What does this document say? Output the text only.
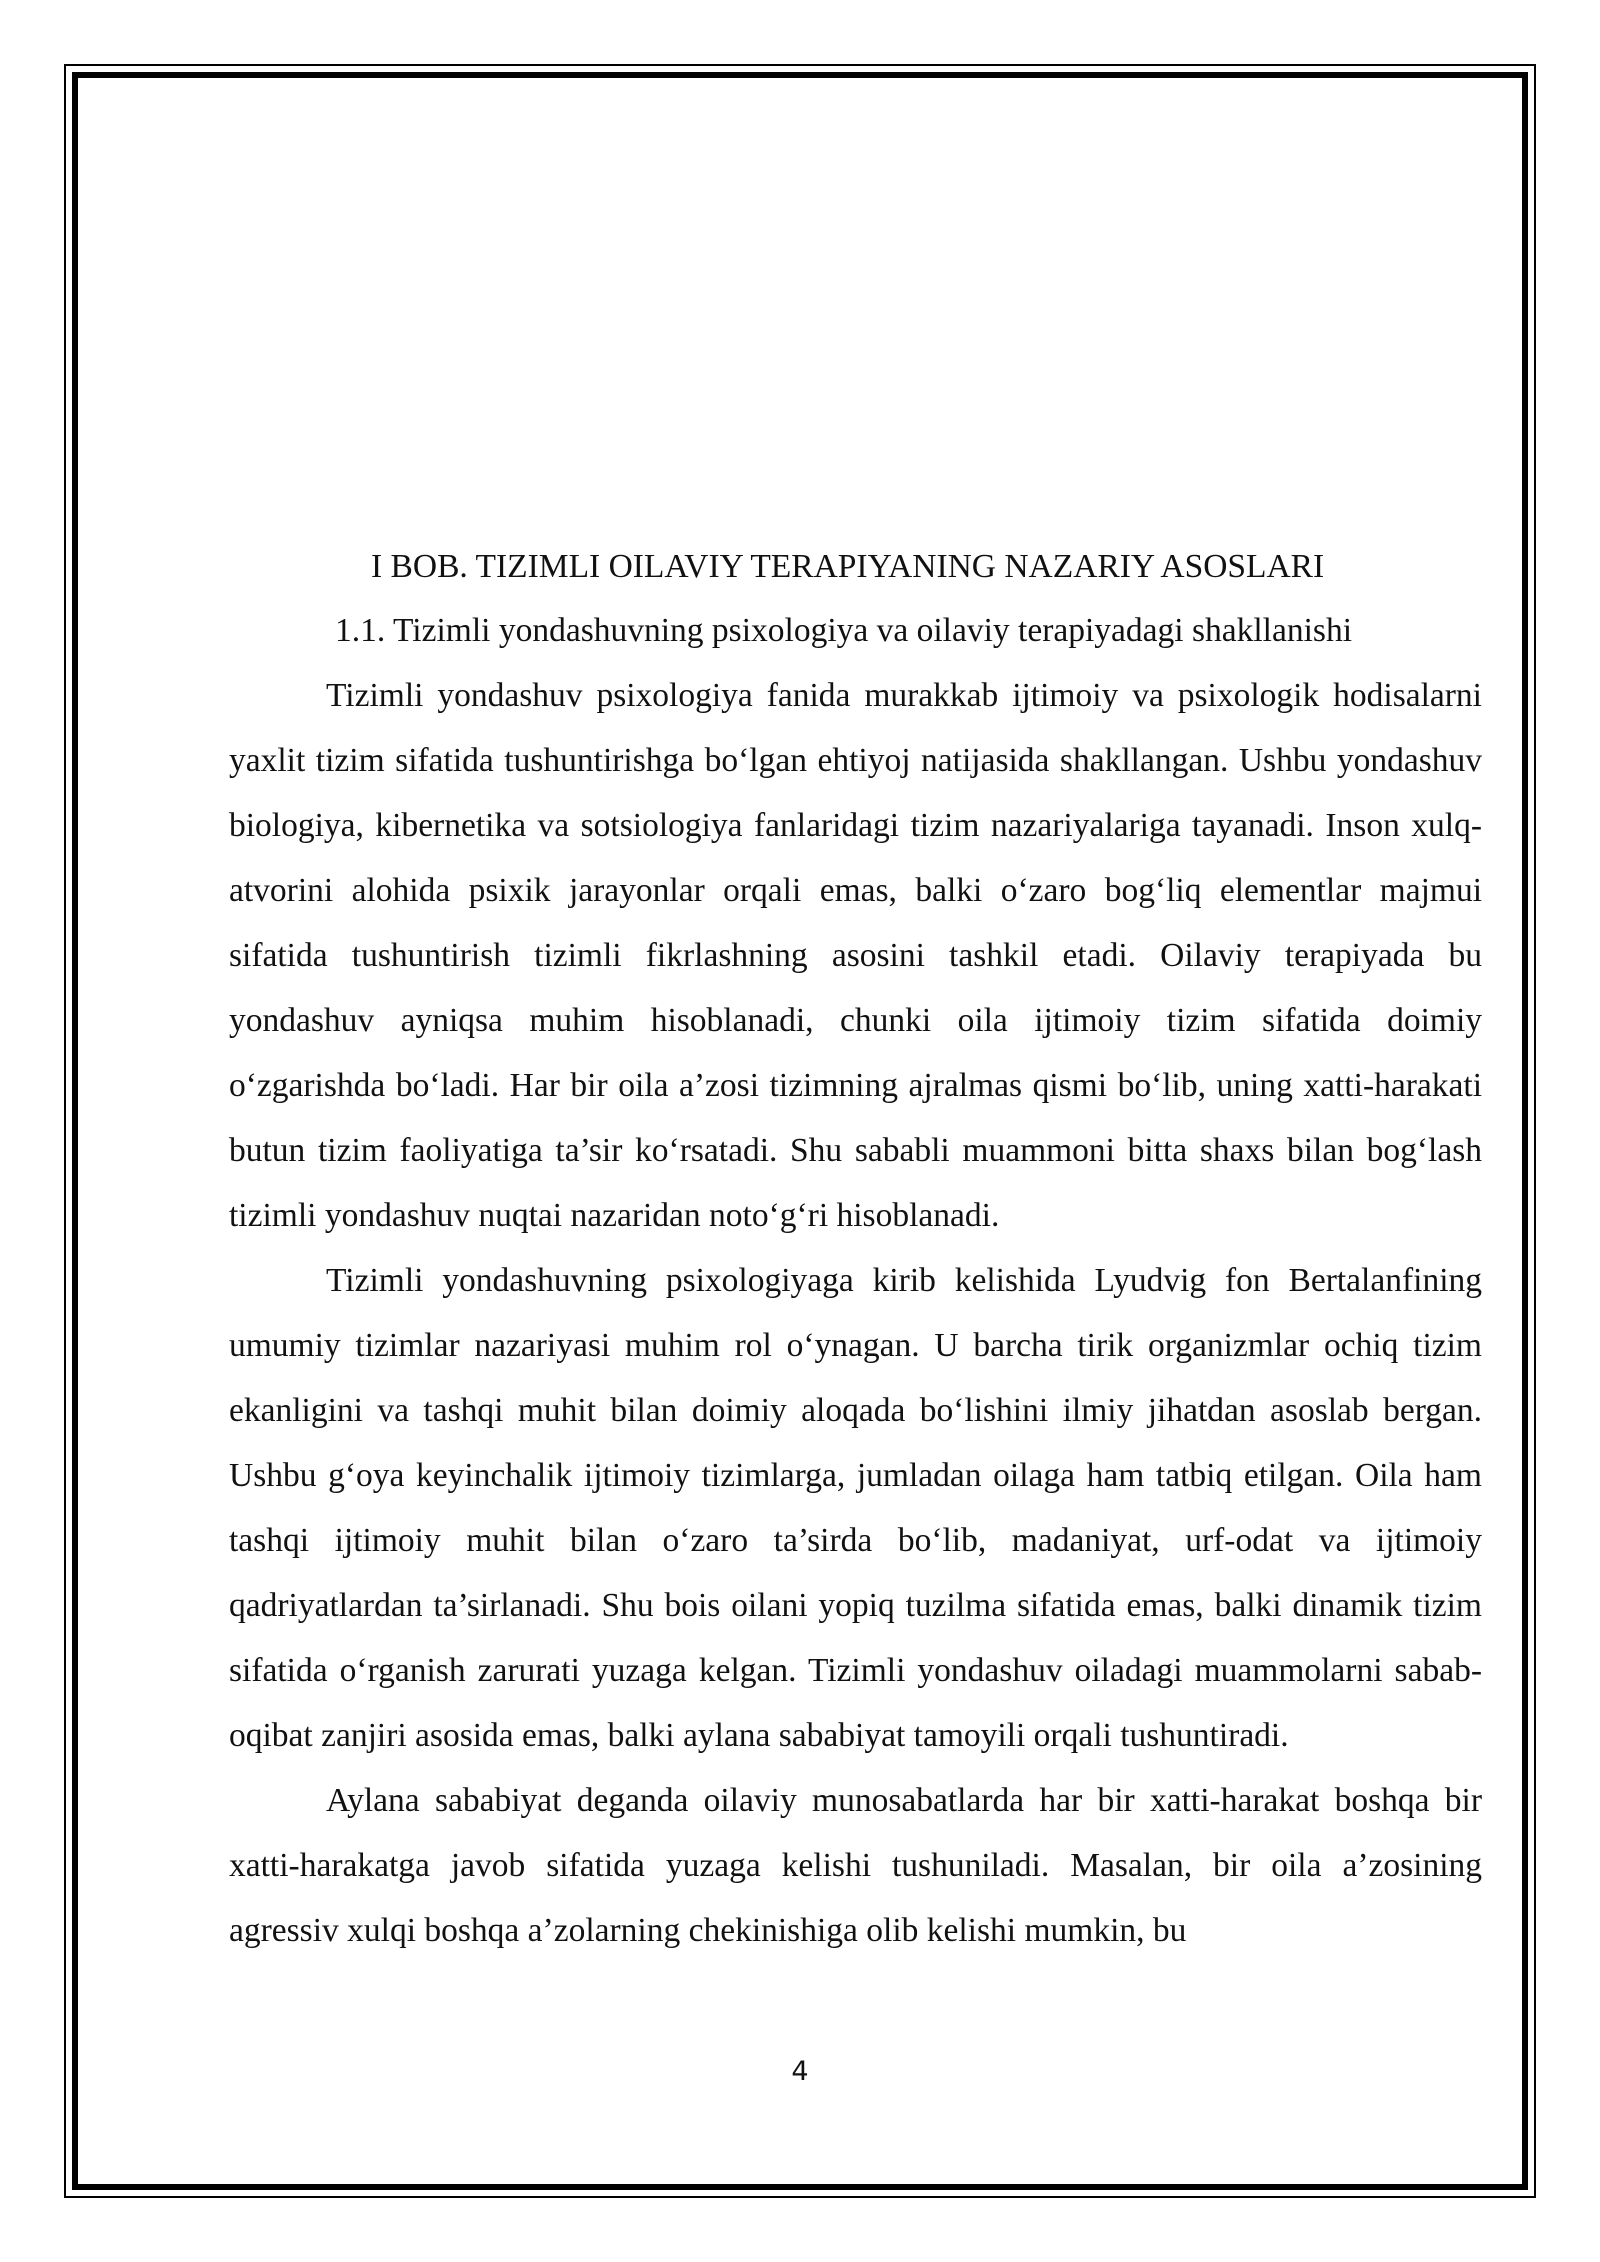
I BOB. TIZIMLI OILAVIY TERAPIYANING NAZARIY ASOSLARI
1.1. Tizimli yondashuvning psixologiya va oilaviy terapiyadagi shakllanishi

Tizimli yondashuv psixologiya fanida murakkab ijtimoiy va psixologik hodisalarni yaxlit tizim sifatida tushuntirishga bo‘lgan ehtiyoj natijasida shakllangan. Ushbu yondashuv biologiya, kibernetika va sotsiologiya fanlaridagi tizim nazariyalariga tayanadi. Inson xulq-atvorini alohida psixik jarayonlar orqali emas, balki o‘zaro bog‘liq elementlar majmui sifatida tushuntirish tizimli fikrlashning asosini tashkil etadi. Oilaviy terapiyada bu yondashuv ayniqsa muhim hisoblanadi, chunki oila ijtimoiy tizim sifatida doimiy o‘zgarishda bo‘ladi. Har bir oila a’zosi tizimning ajralmas qismi bo‘lib, uning xatti-harakati butun tizim faoliyatiga ta’sir ko‘rsatadi. Shu sababli muammoni bitta shaxs bilan bog‘lash tizimli yondashuv nuqtai nazaridan noto‘g‘ri hisoblanadi.

Tizimli yondashuvning psixologiyaga kirib kelishida Lyudvig fon Bertalanfining umumiy tizimlar nazariyasi muhim rol o‘ynagan. U barcha tirik organizmlar ochiq tizim ekanligini va tashqi muhit bilan doimiy aloqada bo‘lishini ilmiy jihatdan asoslab bergan. Ushbu g‘oya keyinchalik ijtimoiy tizimlarga, jumladan oilaga ham tatbiq etilgan. Oila ham tashqi ijtimoiy muhit bilan o‘zaro ta’sirda bo‘lib, madaniyat, urf-odat va ijtimoiy qadriyatlardan ta’sirlanadi. Shu bois oilani yopiq tuzilma sifatida emas, balki dinamik tizim sifatida o‘rganish zarurati yuzaga kelgan. Tizimli yondashuv oiladagi muammolarni sabab-oqibat zanjiri asosida emas, balki aylana sababiyat tamoyili orqali tushuntiradi.

Aylana sababiyat deganda oilaviy munosabatlarda har bir xatti-harakat boshqa bir xatti-harakatga javob sifatida yuzaga kelishi tushuniladi. Masalan, bir oila a’zosining agressiv xulqi boshqa a’zolarning chekinishiga olib kelishi mumkin, bu

4
